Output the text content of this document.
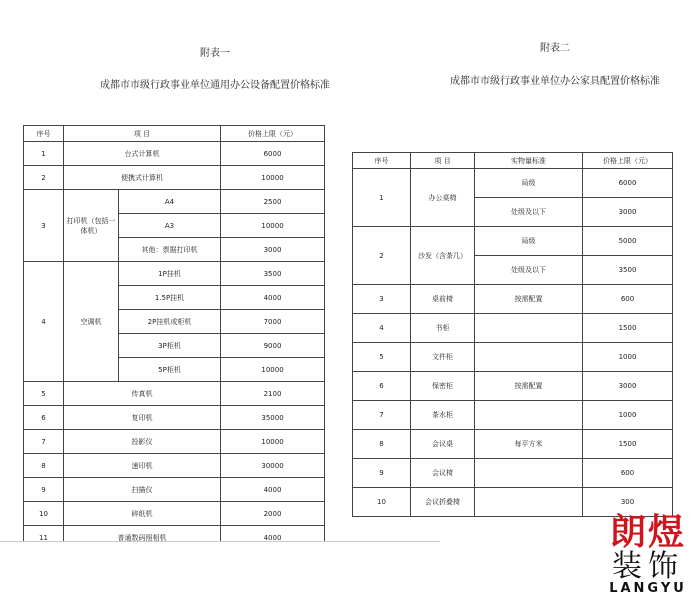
附表一
成都市市级行政事业单位通用办公设备配置价格标准
附表二
成都市市级行政事业单位办公家具配置价格标准
序号	项 目		价格上限（元）
1	台式计算机		6000
2	便携式计算机		10000
3	打印机（包括一体机）	A4	2500
		A3	10000
		其他：票据打印机	3000
4	空调机	1P挂机	3500
		1.5P挂机	4000
		2P挂机或柜机	7000
		3P柜机	9000
		5P柜机	10000
5	传真机		2100
6	复印机		35000
7	投影仪		10000
8	速印机		30000
9	扫描仪		4000
10	碎纸机		2000
11	普通数码照相机		4000
序号	项 目	实物量标准	价格上限（元）
1	办公桌椅	局级	6000
		处级及以下	3000
2	沙发（含茶几）	局级	5000
		处级及以下	3500
3	桌前椅	按需配置	600
4	书柜		1500
5	文件柜		1000
6	保密柜	按需配置	3000
7	茶水柜		1000
8	会议桌	每平方米	1500
9	会议椅		600
10	会议折叠椅		300
朗煜
装饰
LANGYU
